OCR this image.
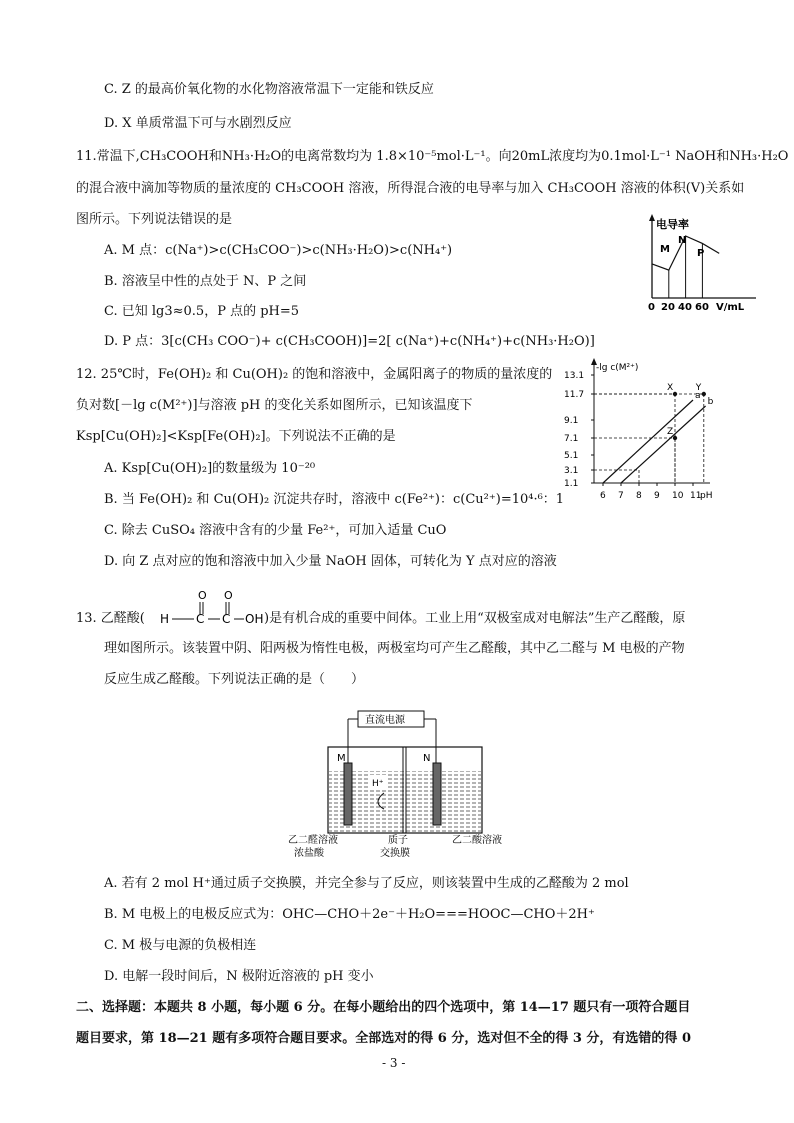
C. Z 的最高价氧化物的水化物溶液常温下一定能和铁反应
D. X 单质常温下可与水剧烈反应
11.常温下,CH₃COOH和NH₃·H₂O的电离常数均为 1.8×10⁻⁵mol·L⁻¹。向20mL浓度均为0.1mol·L⁻¹ NaOH和NH₃·H₂O
的混合液中滴加等物质的量浓度的 CH₃COOH 溶液，所得混合液的电导率与加入 CH₃COOH 溶液的体积(V)关系如
图所示。下列说法错误的是
A. M 点：c(Na⁺)>c(CH₃COO⁻)>c(NH₃·H₂O)>c(NH₄⁺)
B. 溶液呈中性的点处于 N、P 之间
C. 已知 lg3≈0.5，P 点的 pH=5
D. P 点：3[c(CH₃ COO⁻)+ c(CH₃COOH)]=2[ c(Na⁺)+c(NH₄⁺)+c(NH₃·H₂O)]
12. 25℃时，Fe(OH)₂ 和 Cu(OH)₂ 的饱和溶液中，金属阳离子的物质的量浓度的
负对数[－lg c(M²⁺)]与溶液 pH 的变化关系如图所示，已知该温度下
Ksp[Cu(OH)₂]<Ksp[Fe(OH)₂]。下列说法不正确的是
A. Ksp[Cu(OH)₂]的数量级为 10⁻²⁰
B. 当 Fe(OH)₂ 和 Cu(OH)₂ 沉淀共存时，溶液中 c(Fe²⁺)：c(Cu²⁺)=10⁴·⁶：1
C. 除去 CuSO₄ 溶液中含有的少量 Fe²⁺，可加入适量 CuO
D. 向 Z 点对应的饱和溶液中加入少量 NaOH 固体，可转化为 Y 点对应的溶液
13. 乙醛酸(	)是有机合成的重要中间体。工业上用“双极室成对电解法”生产乙醛酸，原
理如图所示。该装置中阴、阳两极为惰性电极，两极室均可产生乙醛酸，其中乙二醛与 M 电极的产物
反应生成乙醛酸。下列说法正确的是（　　）
A. 若有 2 mol H⁺通过质子交换膜，并完全参与了反应，则该装置中生成的乙醛酸为 2 mol
B. M 电极上的电极反应式为：OHC—CHO＋2e⁻＋H₂O===HOOC—CHO＋2H⁺
C. M 极与电源的负极相连
D. 电解一段时间后，N 极附近溶液的 pH 变小
二、选择题：本题共 8 小题，每小题 6 分。在每小题给出的四个选项中，第 14—17 题只有一项符合题目
题目要求，第 18—21 题有多项符合题目要求。全部选对的得 6 分，选对但不全的得 3 分，有选错的得 0
- 3 -
O O
H C C OH
电导率
M
N
P
0 20 40 60 V/mL
-lg c(M²⁺)
13.1
11.7
9.1
7.1
5.1
3.1
1.1
6 7 8 9 10 11
a
b
X	Y
Z
pH
直流电源
M	N
H⁺
乙二醛溶液
浓盐酸
质子
交换膜
乙二酸溶液
